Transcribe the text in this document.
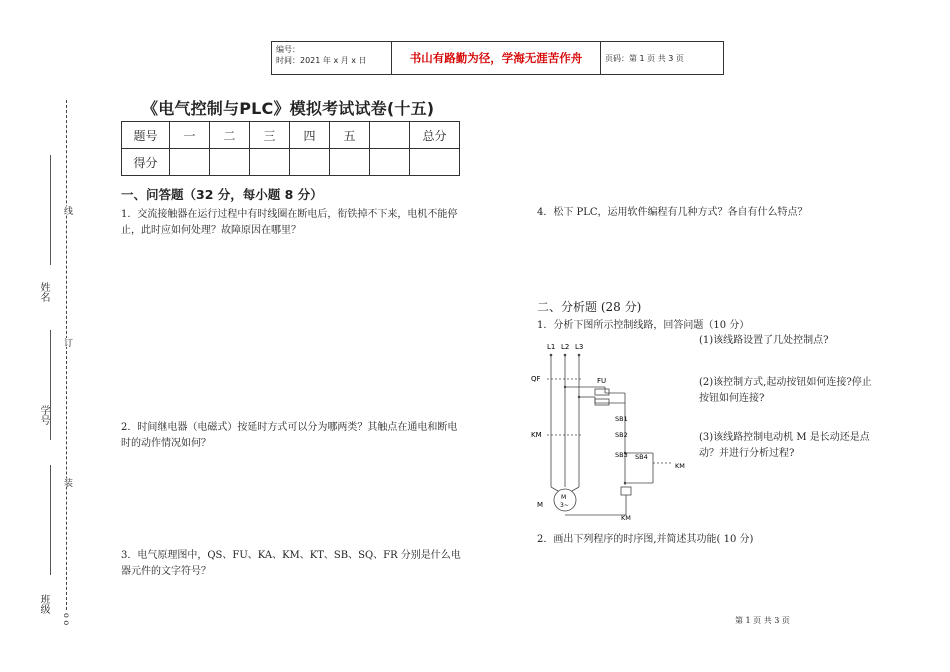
编号：
时间：2021 年 x 月 x 日	书山有路勤为径，学海无涯苦作舟	页码：第 1 页 共 3 页
姓名
学号
班级
线
订
装
o o
《电气控制与PLC》模拟考试试卷(十五)
题号	一	二	三	四	五		总分
得分							
一、问答题（32 分，每小题 8 分）
1．交流接触器在运行过程中有时线圈在断电后，衔铁掉不下来，电机不能停止，此时应如何处理？故障原因在哪里？
2．时间继电器（电磁式）按延时方式可以分为哪两类？其触点在通电和断电时的动作情况如何？
3．电气原理图中，QS、FU、KA、KM、KT、SB、SQ、FR 分别是什么电器元件的文字符号？
4．松下 PLC，运用软件编程有几种方式？各自有什么特点？
二、分析题 (28 分)
1．分析下图所示控制线路，回答问题（10 分）
(1)该线路设置了几处控制点?
(2)该控制方式,起动按钮如何连接?停止按钮如何连接?
(3)该线路控制电动机 M 是长动还是点动？并进行分析过程?
2．画出下列程序的时序图,并简述其功能( 10 分)
L1 L2 L3
QF	FU
KM
SB1
SB2
SB3 SB4
KM
KM
M
M
3~
第 1 页 共 3 页
